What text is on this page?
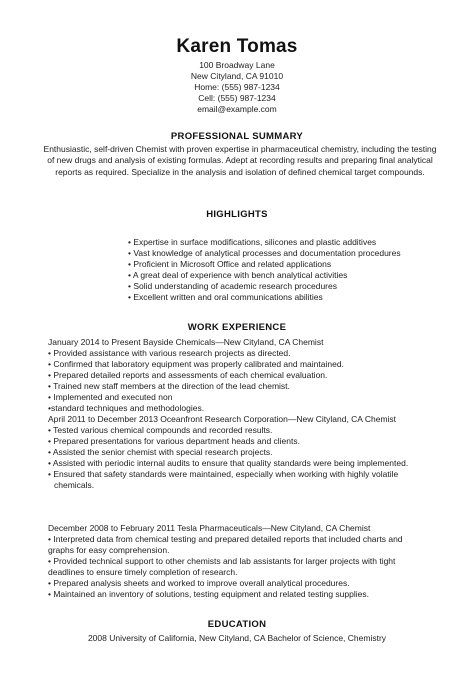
Karen Tomas
100 Broadway Lane
New Cityland, CA 91010
Home: (555) 987-1234
Cell: (555) 987-1234
email@example.com
PROFESSIONAL SUMMARY
Enthusiastic, self-driven Chemist with proven expertise in pharmaceutical chemistry, including the testing of new drugs and analysis of existing formulas. Adept at recording results and preparing final analytical reports as required. Specialize in the analysis and isolation of defined chemical target compounds.
HIGHLIGHTS
• Expertise in surface modifications, silicones and plastic additives
• Vast knowledge of analytical processes and documentation procedures
• Proficient in Microsoft Office and related applications
• A great deal of experience with bench analytical activities
• Solid understanding of academic research procedures
• Excellent written and oral communications abilities
WORK EXPERIENCE
January 2014 to Present Bayside Chemicals—New Cityland, CA Chemist
• Provided assistance with various research projects as directed.
• Confirmed that laboratory equipment was properly calibrated and maintained.
• Prepared detailed reports and assessments of each chemical evaluation.
• Trained new staff members at the direction of the lead chemist.
• Implemented and executed non
•standard techniques and methodologies.
April 2011 to December 2013 Oceanfront Research Corporation—New Cityland, CA Chemist
• Tested various chemical compounds and recorded results.
• Prepared presentations for various department heads and clients.
• Assisted the senior chemist with special research projects.
• Assisted with periodic internal audits to ensure that quality standards were being implemented.
• Ensured that safety standards were maintained, especially when working with highly volatile
chemicals.
December 2008 to February 2011 Tesla Pharmaceuticals—New Cityland, CA Chemist
• Interpreted data from chemical testing and prepared detailed reports that included charts and
graphs for easy comprehension.
• Provided technical support to other chemists and lab assistants for larger projects with tight
deadlines to ensure timely completion of research.
• Prepared analysis sheets and worked to improve overall analytical procedures.
• Maintained an inventory of solutions, testing equipment and related testing supplies.
EDUCATION
2008 University of California, New Cityland, CA Bachelor of Science, Chemistry
